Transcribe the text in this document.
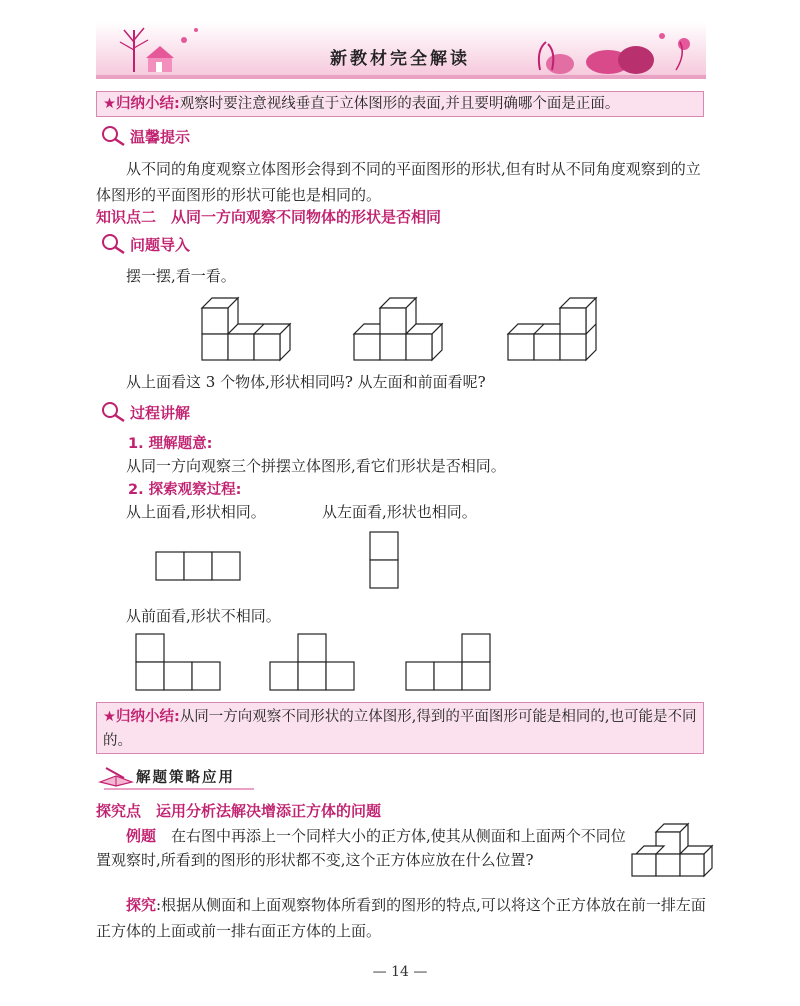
新教材完全解读
★归纳小结:观察时要注意视线垂直于立体图形的表面,并且要明确哪个面是正面。
温馨提示
从不同的角度观察立体图形会得到不同的平面图形的形状,但有时从不同角度观察到的立体图形的平面图形的形状可能也是相同的。
知识点二　从同一方向观察不同物体的形状是否相同
问题导入
摆一摆,看一看。
从上面看这 3 个物体,形状相同吗? 从左面和前面看呢?
过程讲解
1. 理解题意:
从同一方向观察三个拼摆立体图形,看它们形状是否相同。
2. 探索观察过程:
从上面看,形状相同。	从左面看,形状也相同。
从前面看,形状不相同。
★归纳小结:从同一方向观察不同形状的立体图形,得到的平面图形可能是相同的,也可能是不同的。
解题策略应用
探究点　运用分析法解决增添正方体的问题
例题　 在右图中再添上一个同样大小的正方体,使其从侧面和上面两个不同位置观察时,所看到的图形的形状都不变,这个正方体应放在什么位置?
探究:根据从侧面和上面观察物体所看到的图形的特点,可以将这个正方体放在前一排左面正方体的上面或前一排右面正方体的上面。
— 14 —
